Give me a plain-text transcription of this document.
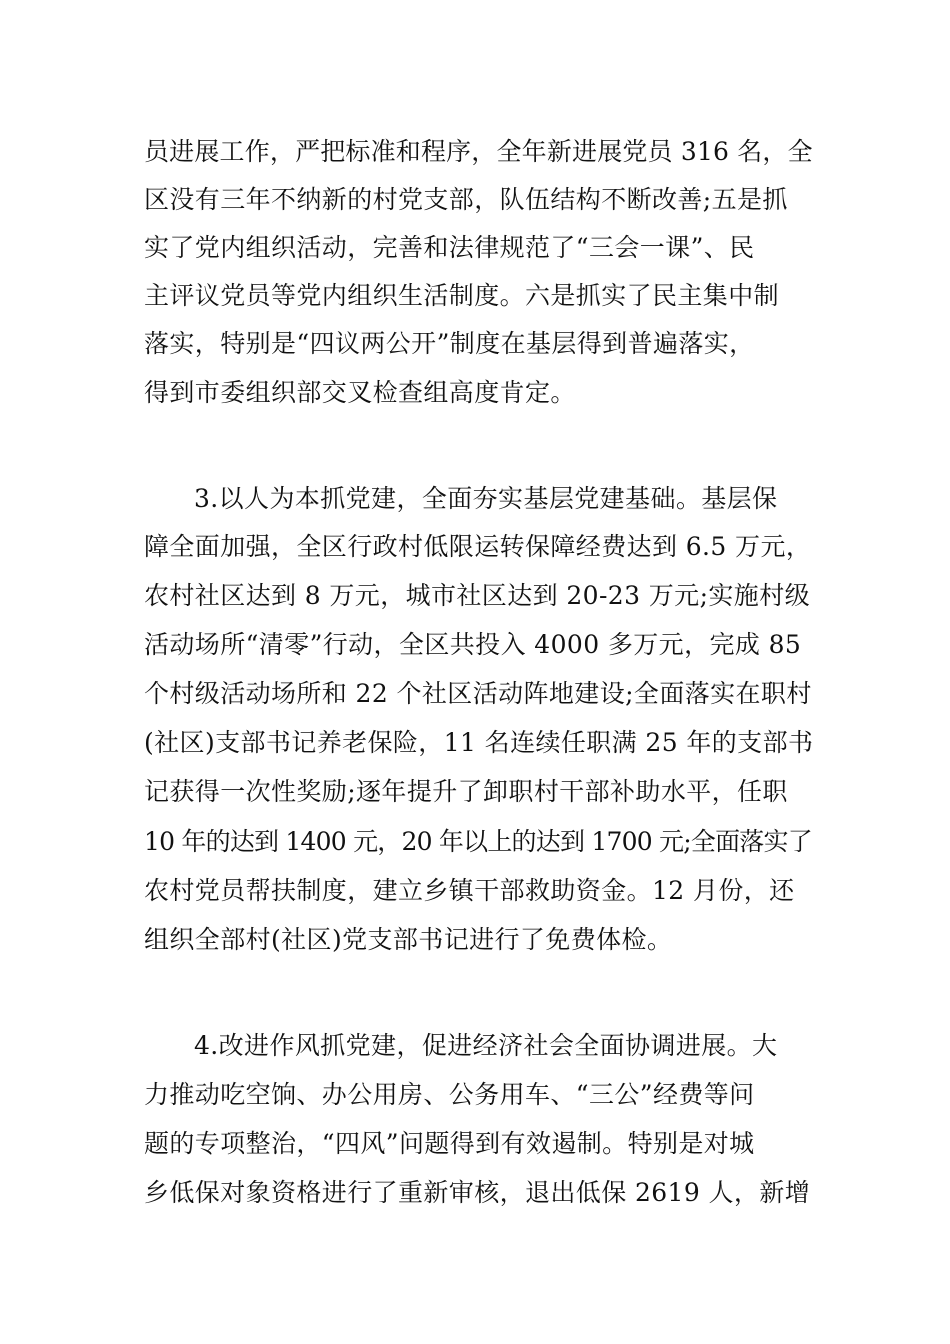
员进展工作，严把标准和程序，全年新进展党员 316 名，全
区没有三年不纳新的村党支部，队伍结构不断改善;五是抓
实了党内组织活动，完善和法律规范了“三会一课”、民
主评议党员等党内组织生活制度。六是抓实了民主集中制
落实，特别是“四议两公开”制度在基层得到普遍落实，
得到市委组织部交叉检查组高度肯定。
3.以人为本抓党建，全面夯实基层党建基础。基层保
障全面加强，全区行政村低限运转保障经费达到 6.5 万元，
农村社区达到 8 万元，城市社区达到 20-23 万元;实施村级
活动场所“清零”行动，全区共投入 4000 多万元，完成 85
个村级活动场所和 22 个社区活动阵地建设;全面落实在职村
(社区)支部书记养老保险，11 名连续任职满 25 年的支部书
记获得一次性奖励;逐年提升了卸职村干部补助水平，任职
10 年的达到 1400 元，20 年以上的达到 1700 元;全面落实了
农村党员帮扶制度，建立乡镇干部救助资金。12 月份，还
组织全部村(社区)党支部书记进行了免费体检。
4.改进作风抓党建，促进经济社会全面协调进展。大
力推动吃空饷、办公用房、公务用车、“三公”经费等问
题的专项整治，“四风”问题得到有效遏制。特别是对城
乡低保对象资格进行了重新审核，退出低保 2619 人，新增
